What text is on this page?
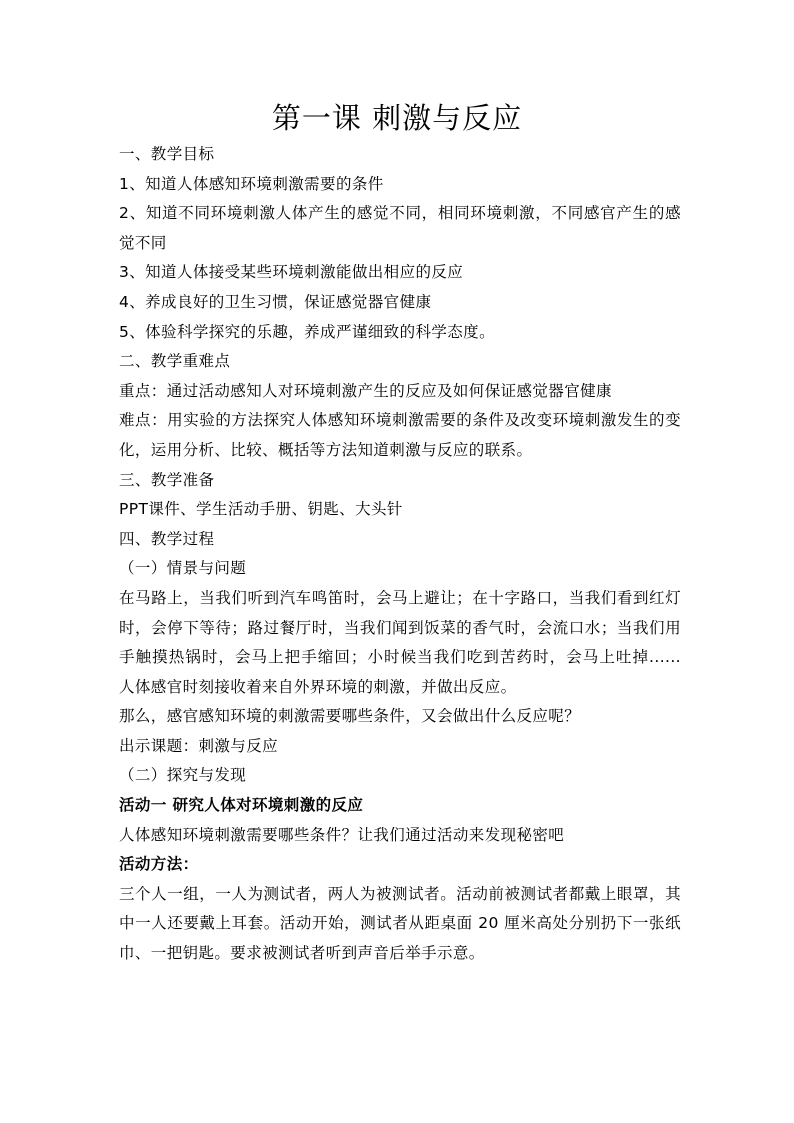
第一课 刺激与反应

一、教学目标

1、知道人体感知环境刺激需要的条件

2、知道不同环境刺激人体产生的感觉不同，相同环境刺激，不同感官产生的感

觉不同

3、知道人体接受某些环境刺激能做出相应的反应

4、养成良好的卫生习惯，保证感觉器官健康

5、体验科学探究的乐趣，养成严谨细致的科学态度。

二、教学重难点

重点：通过活动感知人对环境刺激产生的反应及如何保证感觉器官健康

难点：用实验的方法探究人体感知环境刺激需要的条件及改变环境刺激发生的变

化，运用分析、比较、概括等方法知道刺激与反应的联系。

三、教学准备

PPT课件、学生活动手册、钥匙、大头针

四、教学过程

（一）情景与问题

在马路上，当我们听到汽车鸣笛时，会马上避让；在十字路口，当我们看到红灯

时，会停下等待；路过餐厅时，当我们闻到饭菜的香气时，会流口水；当我们用

手触摸热锅时，会马上把手缩回；小时候当我们吃到苦药时，会马上吐掉......

人体感官时刻接收着来自外界环境的刺激，并做出反应。

那么，感官感知环境的刺激需要哪些条件，又会做出什么反应呢？

出示课题：刺激与反应

（二）探究与发现

活动一 研究人体对环境刺激的反应

人体感知环境刺激需要哪些条件？让我们通过活动来发现秘密吧

活动方法：

三个人一组，一人为测试者，两人为被测试者。活动前被测试者都戴上眼罩，其

中一人还要戴上耳套。活动开始，测试者从距桌面 20 厘米高处分别扔下一张纸

巾、一把钥匙。要求被测试者听到声音后举手示意。
